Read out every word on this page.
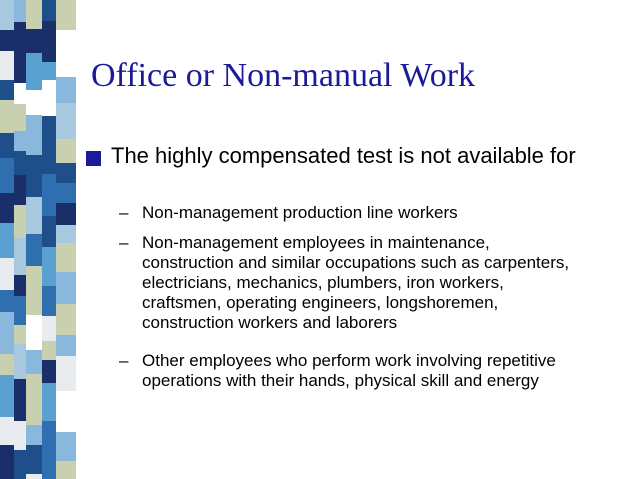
Office or Non-manual Work
The highly compensated test is not available for
– Non-management production line workers
– Non-management employees in maintenance, construction and similar occupations such as carpenters, electricians, mechanics, plumbers, iron workers, craftsmen, operating engineers, longshoremen, construction workers and laborers
– Other employees who perform work involving repetitive operations with their hands, physical skill and energy
